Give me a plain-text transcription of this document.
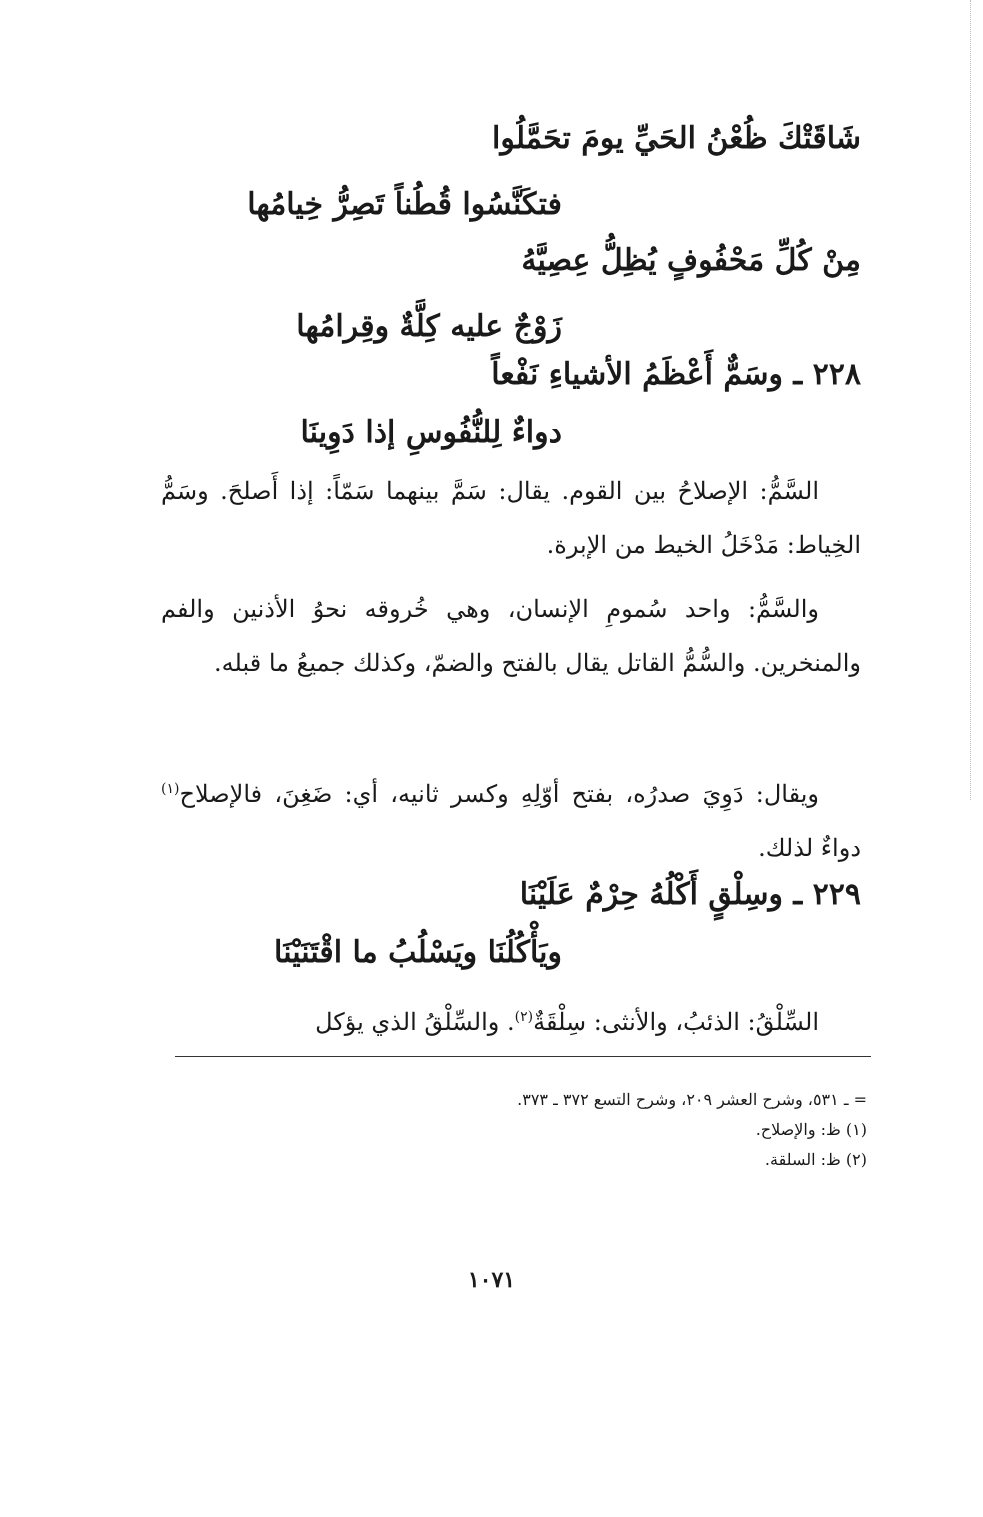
شَاقَتْكَ ظُعْنُ الحَيِّ يومَ تحَمَّلُوا
فتكَنَّسُوا قُطُناً تَصِرُّ خِيامُها
مِنْ كُلِّ مَحْفُوفٍ يُظِلُّ عِصِيَّهُ
زَوْجٌ عليه كِلَّةٌ وقِرامُها
٢٢٨ ـ وسَمٌّ أَعْظَمُ الأشياءِ نَفْعاً
دواءٌ لِلنُّفُوسِ إذا دَوِينَا
السَّمُّ: الإصلاحُ بين القوم. يقال: سَمَّ بينهما سَمّاً: إذا أَصلحَ. وسَمُّ الخِياط: مَدْخَلُ الخيط من الإبرة.
والسَّمُّ: واحد سُمومِ الإنسان، وهي خُروقه نحوُ الأذنين والفم والمنخرين. والسُّمُّ القاتل يقال بالفتح والضمّ، وكذلك جميعُ ما قبله.
ويقال: دَوِيَ صدرُه، بفتح أوّلِهِ وكسر ثانيه، أي: ضَغِنَ، فالإصلاح$^{(١)}$ دواءٌ لذلك.
٢٢٩ ـ وسِلْقٍ أَكْلُهُ حِرْمٌ عَلَيْنَا
ويَأْكُلُنَا ويَسْلُبُ ما اقْتَنَيْنَا
السِّلْقُ: الذئبُ، والأنثى: سِلْقَةٌ$^{(٢)}$. والسِّلْقُ الذي يؤكل
= ـ ٥٣١، وشرح العشر ٢٠٩، وشرح التسع ٣٧٢ ـ ٣٧٣.
(١) ظ: والإصلاح.
(٢) ظ: السلقة.
١٠٧١
